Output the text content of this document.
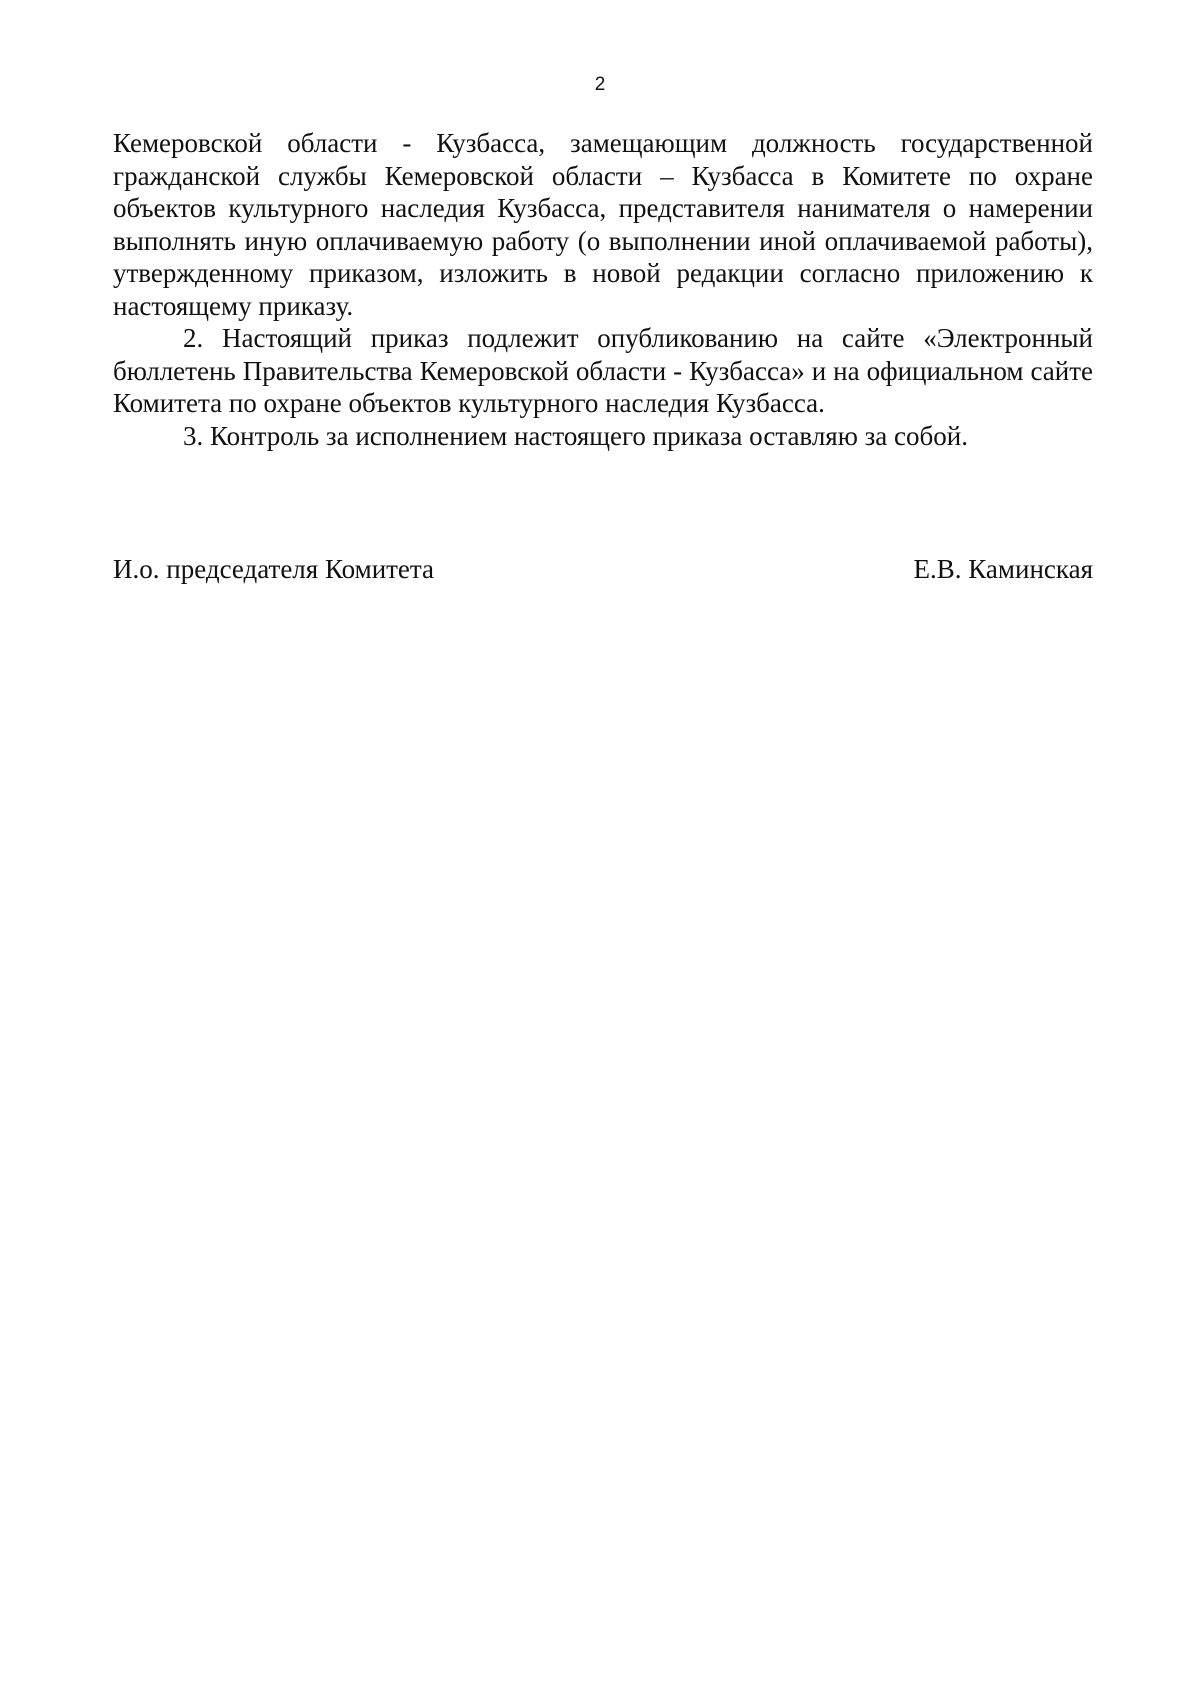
2

Кемеровской области - Кузбасса, замещающим должность государственной гражданской службы Кемеровской области – Кузбасса в Комитете по охране объектов культурного наследия Кузбасса, представителя нанимателя о намерении выполнять иную оплачиваемую работу (о выполнении иной оплачиваемой работы), утвержденному приказом, изложить в новой редакции согласно приложению к настоящему приказу.

2. Настоящий приказ подлежит опубликованию на сайте «Электронный бюллетень Правительства Кемеровской области - Кузбасса» и на официальном сайте Комитета по охране объектов культурного наследия Кузбасса.

3. Контроль за исполнением настоящего приказа оставляю за собой.

И.о. председателя Комитета	Е.В. Каминская
